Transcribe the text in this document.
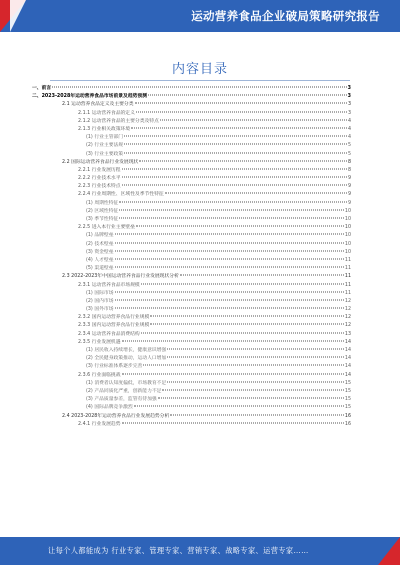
运动营养食品企业破局策略研究报告
内容目录
一、前言	3
二、2023-2028年运动营养食品市场前景及趋势预测	3
2.1 运动营养食品定义及主要分类	3
2.1.1 运动营养食品的定义	3
2.1.2 运动营养食品的主要分类及特点	4
2.1.3 行业相关政策环境	4
(1) 行业主管部门	4
(2) 行业主要法规	5
(3) 行业主要政策	5
2.2 国际运动营养食品行业发展现状	8
2.2.1 行业发展历程	8
2.2.2 行业技术水平	9
2.2.3 行业技术特点	9
2.2.4 行业周期性、区域性及季节性特征	9
(1) 周期性特征	9
(2) 区域性特征	10
(3) 季节性特征	10
2.2.5 进入本行业主要壁垒	10
(1) 品牌壁垒	10
(2) 技术壁垒	10
(3) 资金壁垒	10
(4) 人才壁垒	11
(5) 渠道壁垒	11
2.3 2022-2023年中国运动营养食品行业发展现状分析	11
2.3.1 运动营养食品市场规模	11
(1) 国际市场	11
(2) 国内市场	12
(3) 国外市场	12
2.3.2 国内运动营养食品行业规模	12
2.3.3 国内运动营养食品行业规模	12
2.3.4 运动营养食品消费结构	13
2.3.5 行业发展机遇	14
(1) 居民收入持续增长，健康意识增强	14
(2) 全民健身政策推动，运动人口增加	14
(3) 行业标准体系逐步完善	14
2.3.6 行业面临挑战	14
(1) 消费者认知度偏低，市场教育不足	15
(2) 产品同质化严重，创新能力不足	15
(3) 产品质量参差，监管有待加强	15
(4) 国际品牌竞争激烈	15
2.4 2023-2028年运动营养食品行业发展趋势分析	16
2.4.1 行业发展趋势	16
让每个人都能成为 行业专家、管理专家、营销专家、战略专家、运营专家……
